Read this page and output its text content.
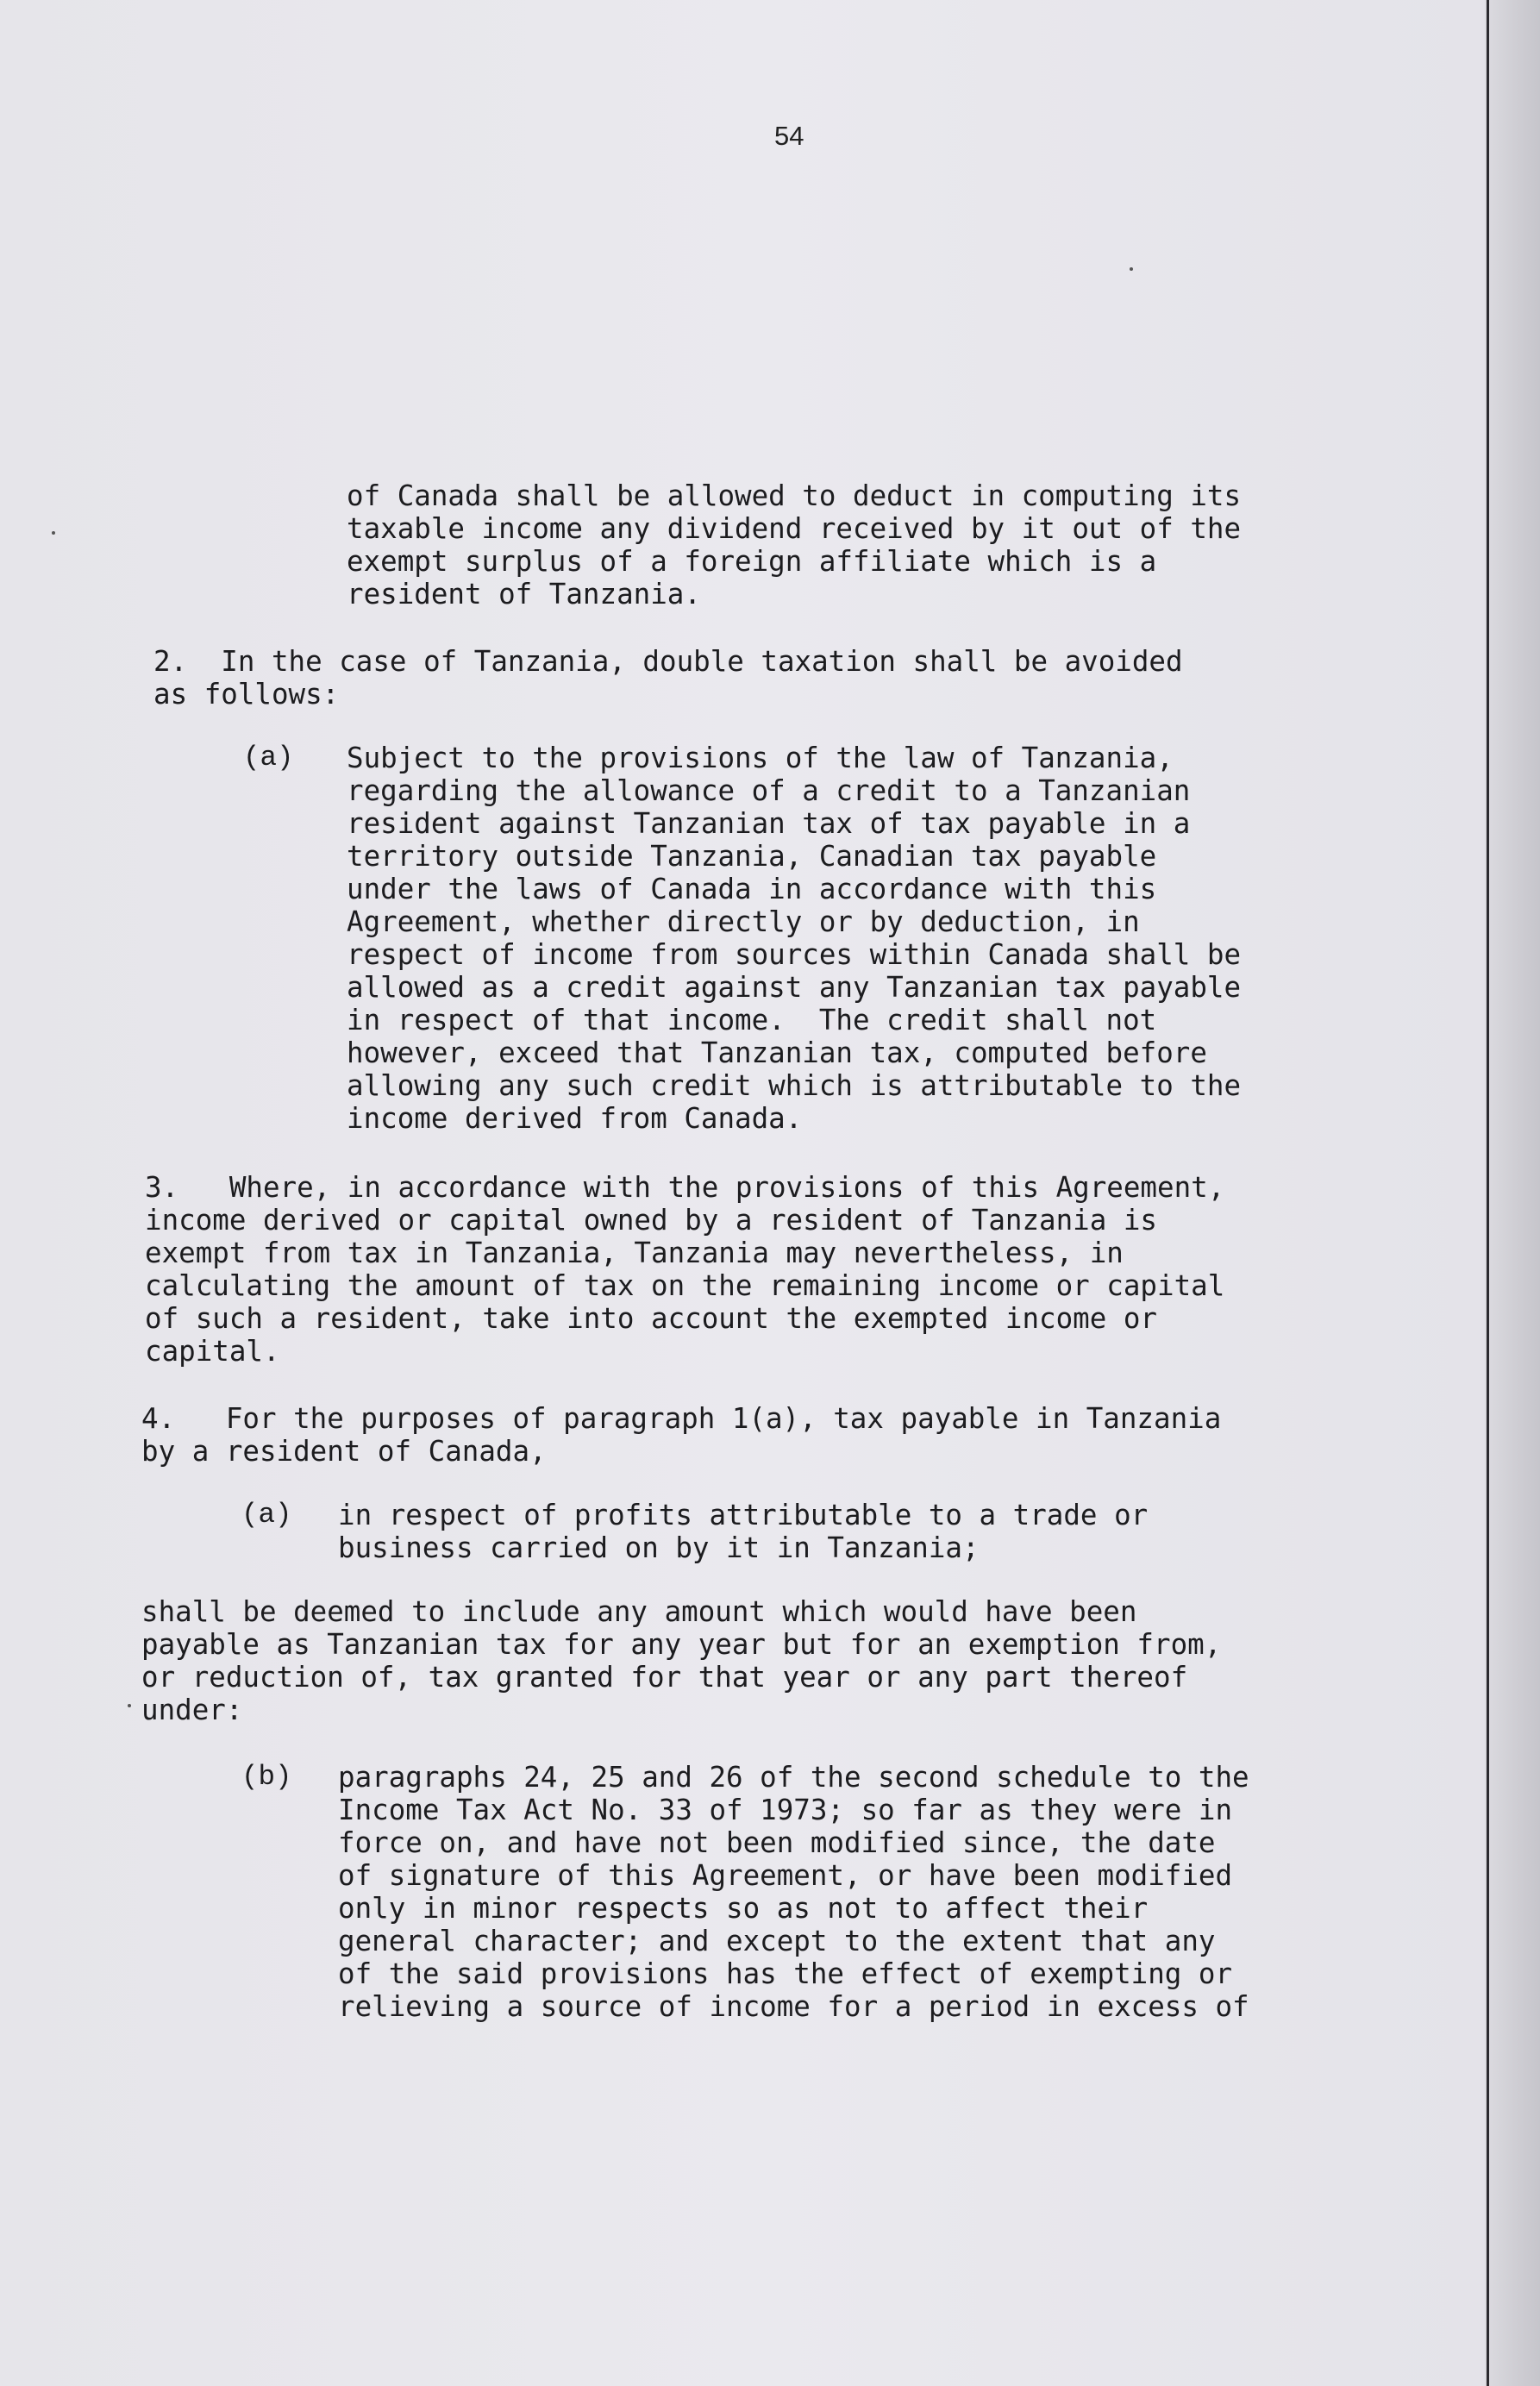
54
of Canada shall be allowed to deduct in computing its
taxable income any dividend received by it out of the
exempt surplus of a foreign affiliate which is a
resident of Tanzania.
2.  In the case of Tanzania, double taxation shall be avoided
as follows:
(a) Subject to the provisions of the law of Tanzania,
regarding the allowance of a credit to a Tanzanian
resident against Tanzanian tax of tax payable in a
territory outside Tanzania, Canadian tax payable
under the laws of Canada in accordance with this
Agreement, whether directly or by deduction, in
respect of income from sources within Canada shall be
allowed as a credit against any Tanzanian tax payable
in respect of that income.  The credit shall not
however, exceed that Tanzanian tax, computed before
allowing any such credit which is attributable to the
income derived from Canada.
3.   Where, in accordance with the provisions of this Agreement,
income derived or capital owned by a resident of Tanzania is
exempt from tax in Tanzania, Tanzania may nevertheless, in
calculating the amount of tax on the remaining income or capital
of such a resident, take into account the exempted income or
capital.
4.   For the purposes of paragraph 1(a), tax payable in Tanzania
by a resident of Canada,
(a) in respect of profits attributable to a trade or
business carried on by it in Tanzania;
shall be deemed to include any amount which would have been
payable as Tanzanian tax for any year but for an exemption from,
or reduction of, tax granted for that year or any part thereof
under:
(b) paragraphs 24, 25 and 26 of the second schedule to the
Income Tax Act No. 33 of 1973; so far as they were in
force on, and have not been modified since, the date
of signature of this Agreement, or have been modified
only in minor respects so as not to affect their
general character; and except to the extent that any
of the said provisions has the effect of exempting or
relieving a source of income for a period in excess of
